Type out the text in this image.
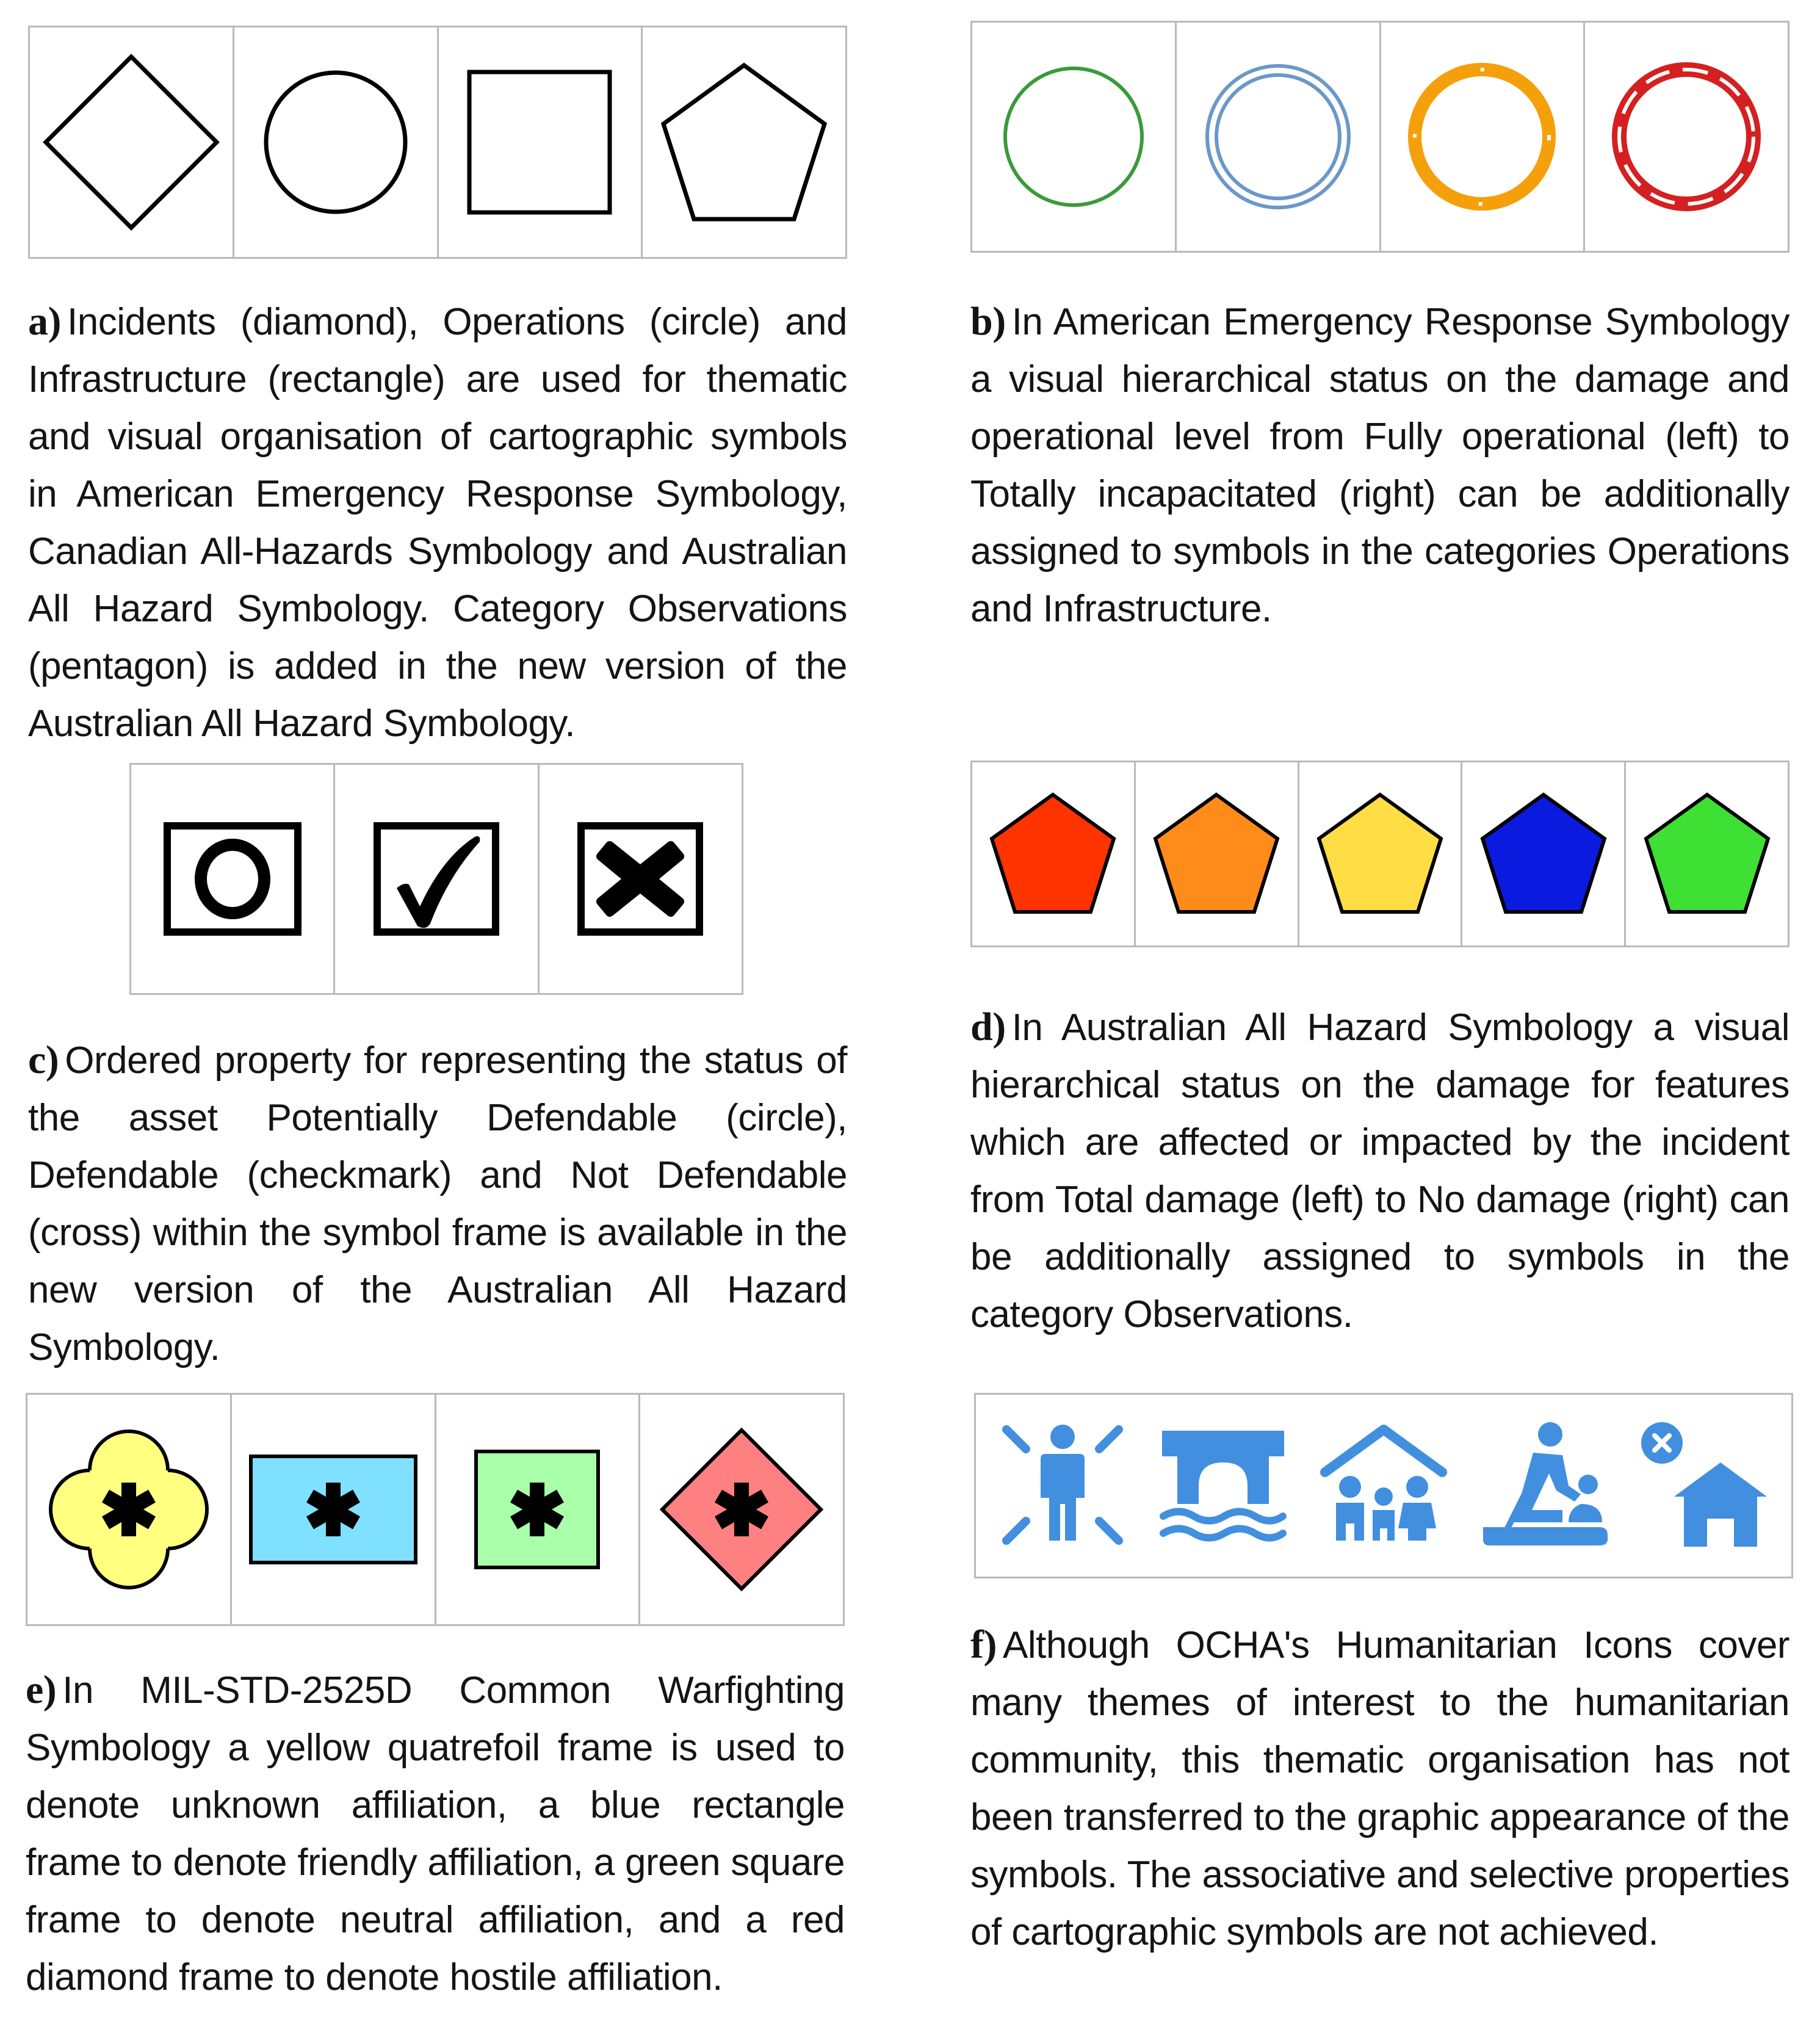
a) Incidents (diamond), Operations (circle) and Infrastructure (rectangle) are used for thematic and visual organisation of cartographic symbols in American Emergency Response Symbology, Canadian All-Hazards Symbology and Australian All Hazard Symbology. Category Observations (pentagon) is added in the new version of the Australian All Hazard Symbology.
b) In American Emergency Response Symbology a visual hierarchical status on the damage and operational level from Fully operational (left) to Totally incapacitated (right) can be additionally assigned to symbols in the categories Operations and Infrastructure.
c) Ordered property for representing the status of the asset Potentially Defendable (circle), Defendable (checkmark) and Not Defendable (cross) within the symbol frame is available in the new version of the Australian All Hazard Symbology.
d) In Australian All Hazard Symbology a visual hierarchical status on the damage for features which are affected or impacted by the incident from Total damage (left) to No damage (right) can be additionally assigned to symbols in the category Observations.
e) In MIL-STD-2525D Common Warfighting Symbology a yellow quatrefoil frame is used to denote unknown affiliation, a blue rectangle frame to denote friendly affiliation, a green square frame to denote neutral affiliation, and a red diamond frame to denote hostile affiliation.
f) Although OCHA's Humanitarian Icons cover many themes of interest to the humanitarian community, this thematic organisation has not been transferred to the graphic appearance of the symbols. The associative and selective properties of cartographic symbols are not achieved.
